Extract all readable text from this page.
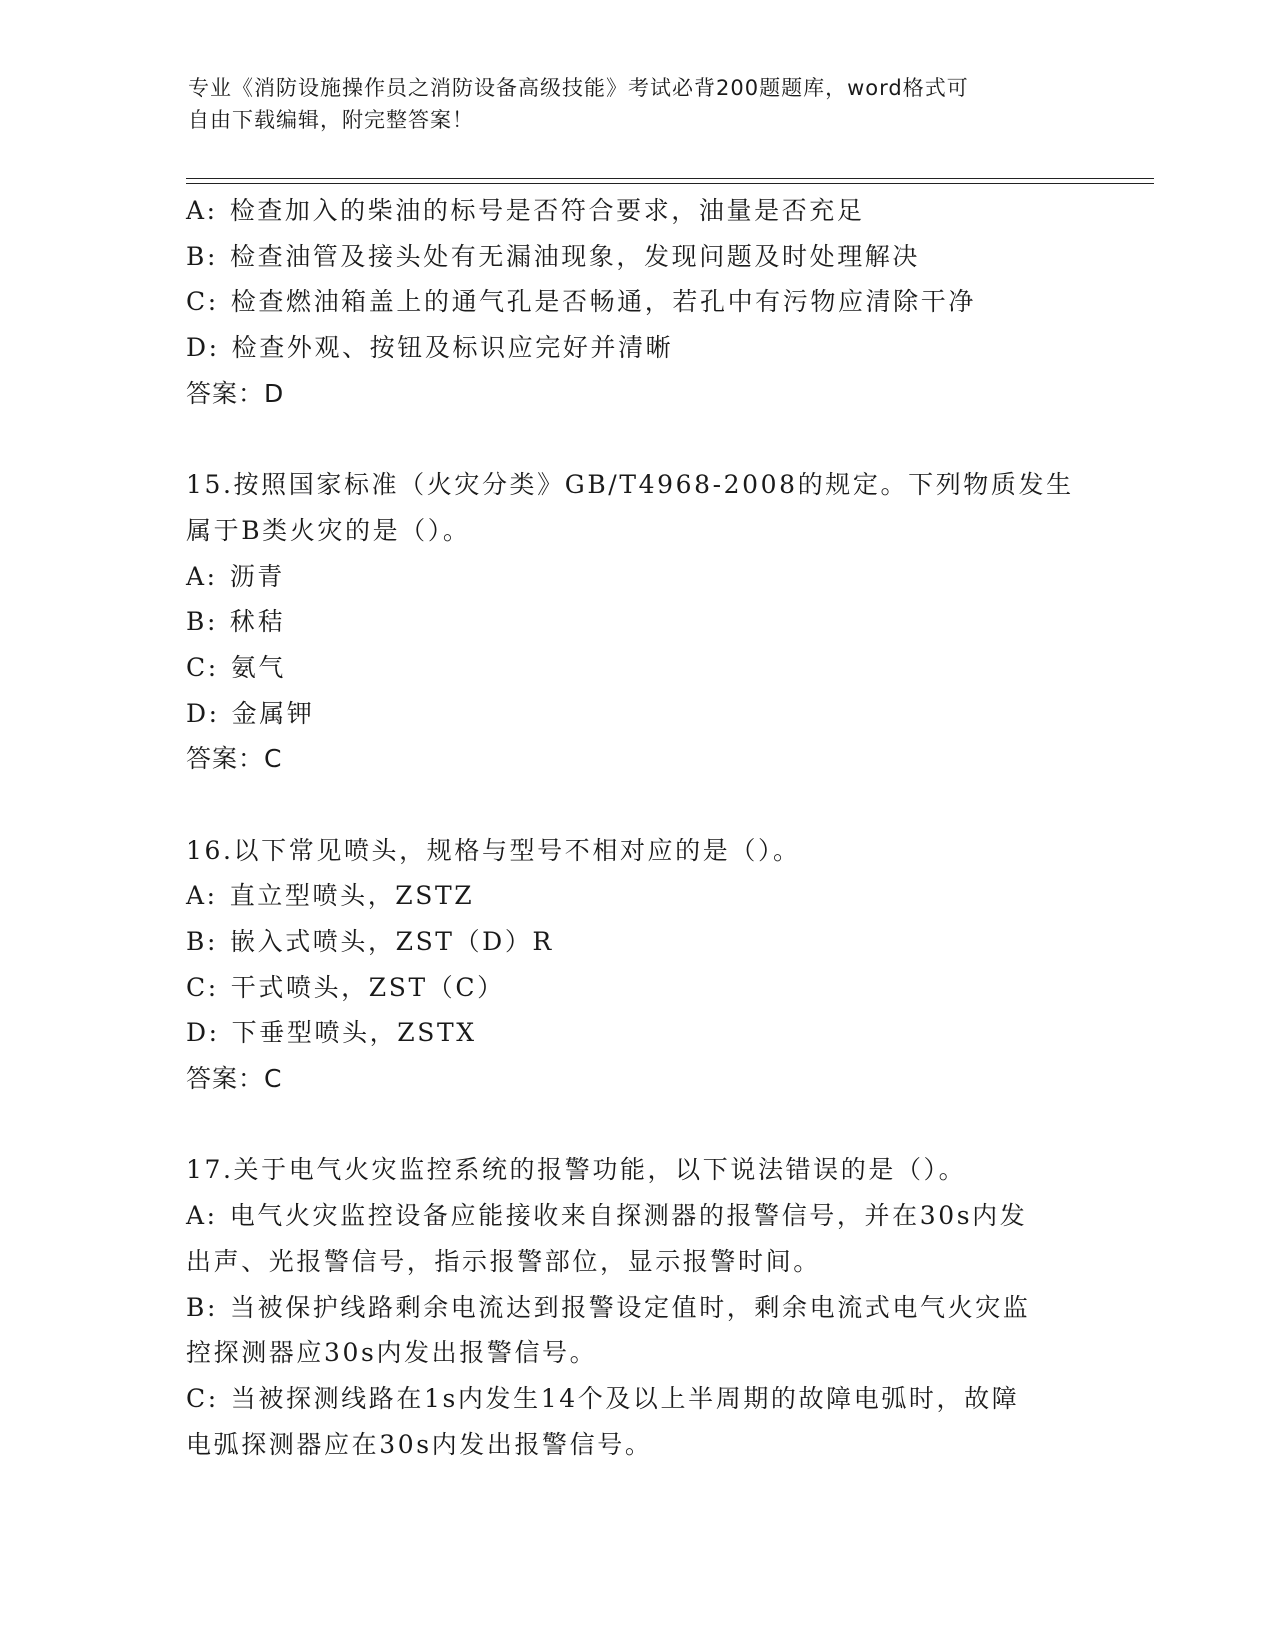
专业《消防设施操作员之消防设备高级技能》考试必背200题题库，word格式可
自由下载编辑，附完整答案！
A: 检查加入的柴油的标号是否符合要求，油量是否充足
B: 检查油管及接头处有无漏油现象，发现问题及时处理解决
C: 检查燃油箱盖上的通气孔是否畅通，若孔中有污物应清除干净
D: 检查外观、按钮及标识应完好并清晰
答案：D
15.按照国家标准（火灾分类》GB/T4968-2008的规定。下列物质发生
属于B类火灾的是（）。
A: 沥青
B: 秫秸
C: 氨气
D: 金属钾
答案：C
16.以下常见喷头，规格与型号不相对应的是（）。
A: 直立型喷头，ZSTZ
B: 嵌入式喷头，ZST（D）R
C: 干式喷头，ZST（C）
D: 下垂型喷头，ZSTX
答案：C
17.关于电气火灾监控系统的报警功能，以下说法错误的是（）。
A: 电气火灾监控设备应能接收来自探测器的报警信号，并在30s内发
出声、光报警信号，指示报警部位，显示报警时间。
B: 当被保护线路剩余电流达到报警设定值时，剩余电流式电气火灾监
控探测器应30s内发出报警信号。
C: 当被探测线路在1s内发生14个及以上半周期的故障电弧时，故障
电弧探测器应在30s内发出报警信号。
